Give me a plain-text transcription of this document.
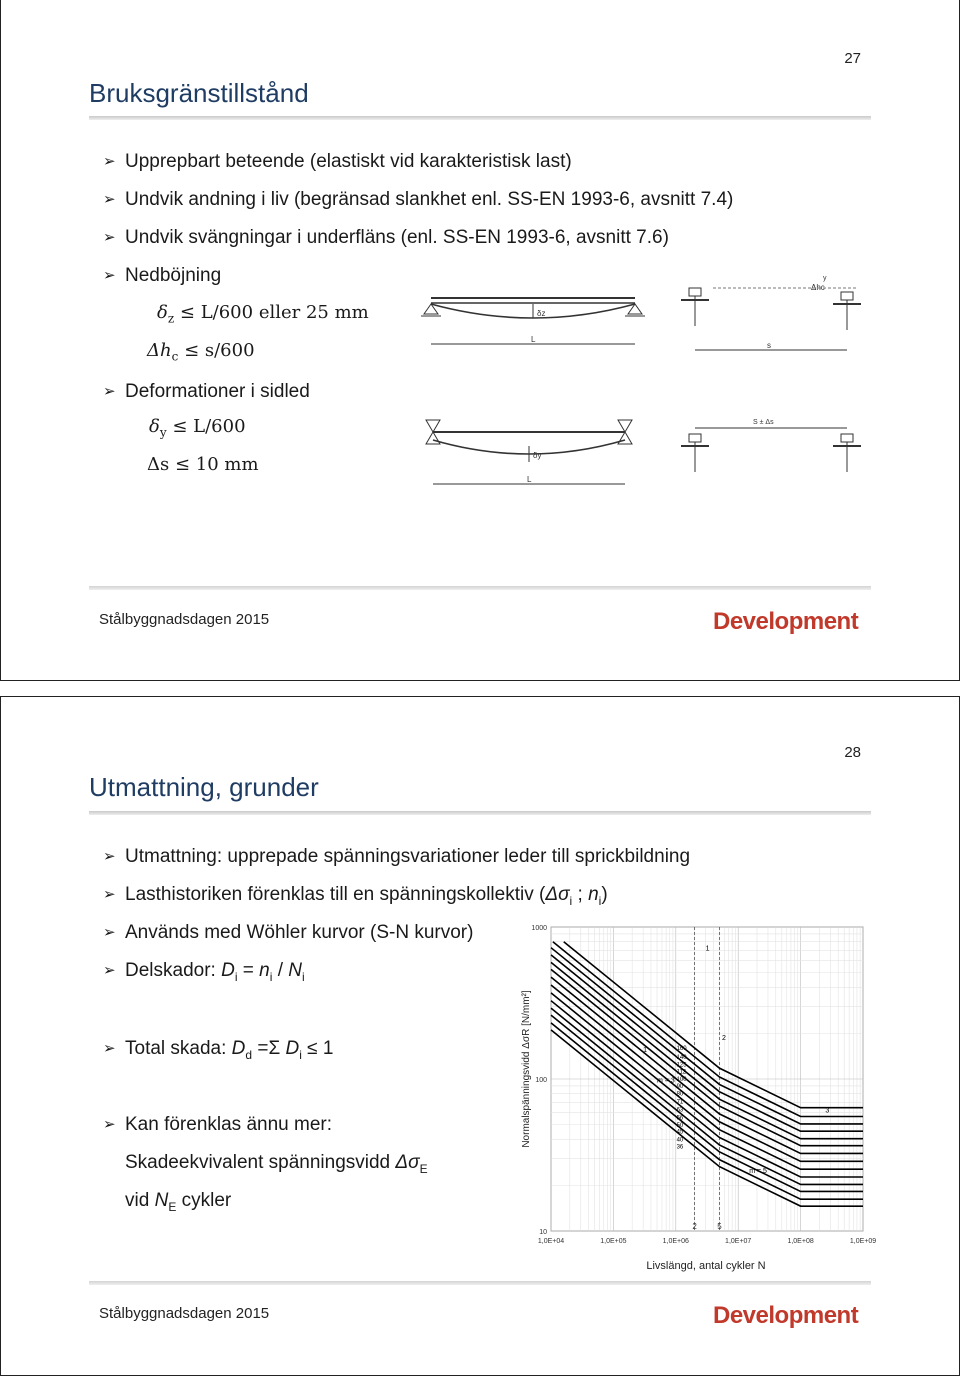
27
Bruksgränstillstånd
➢ Upprepbart beteende (elastiskt vid karakteristisk last)
➢ Undvik andning i liv (begränsad slankhet enl. SS-EN 1993-6, avsnitt 7.4)
➢ Undvik svängningar i underfläns (enl. SS-EN 1993-6, avsnitt 7.6)
➢ Nedböjning
$\delta_z \le L/600$ eller 25 mm
$\Delta h_c \le s/600$
➢ Deformationer i sidled
$\delta_y \le L/600$
Δs ≤ 10 mm
δz
L
s
Δhc
y
δy
L
S ± Δs
Stålbyggnadsdagen 2015	Development
28
Utmattning, grunder
➢ Utmattning: upprepade spänningsvariationer leder till sprickbildning
➢ Lasthistoriken förenklas till en spänningskollektiv ($\Delta\sigma_i$ ; $n_i$)
➢ Används med Wöhler kurvor (S-N kurvor)
➢ Delskador: $D_i = n_i / N_i$
➢ Total skada: $D_d =\Sigma$ $D_i \le 1$
➢ Kan förenklas ännu mer:
Skadeekvivalent spänningsvidd $\Delta\sigma_E$
vid $N_E$ cykler
1,0E+04	1,0E+05	1,0E+06	1,0E+07	1,0E+08	1,0E+09
10
100
1000
2	5
160
140
125
112
100
90
80
71
63
56
50
45
40
36
1
2
3
1
m = 3
m = 5
Livslängd, antal cykler N
Normalspänningsvidd ΔσR [N/mm²]
Stålbyggnadsdagen 2015	Development
